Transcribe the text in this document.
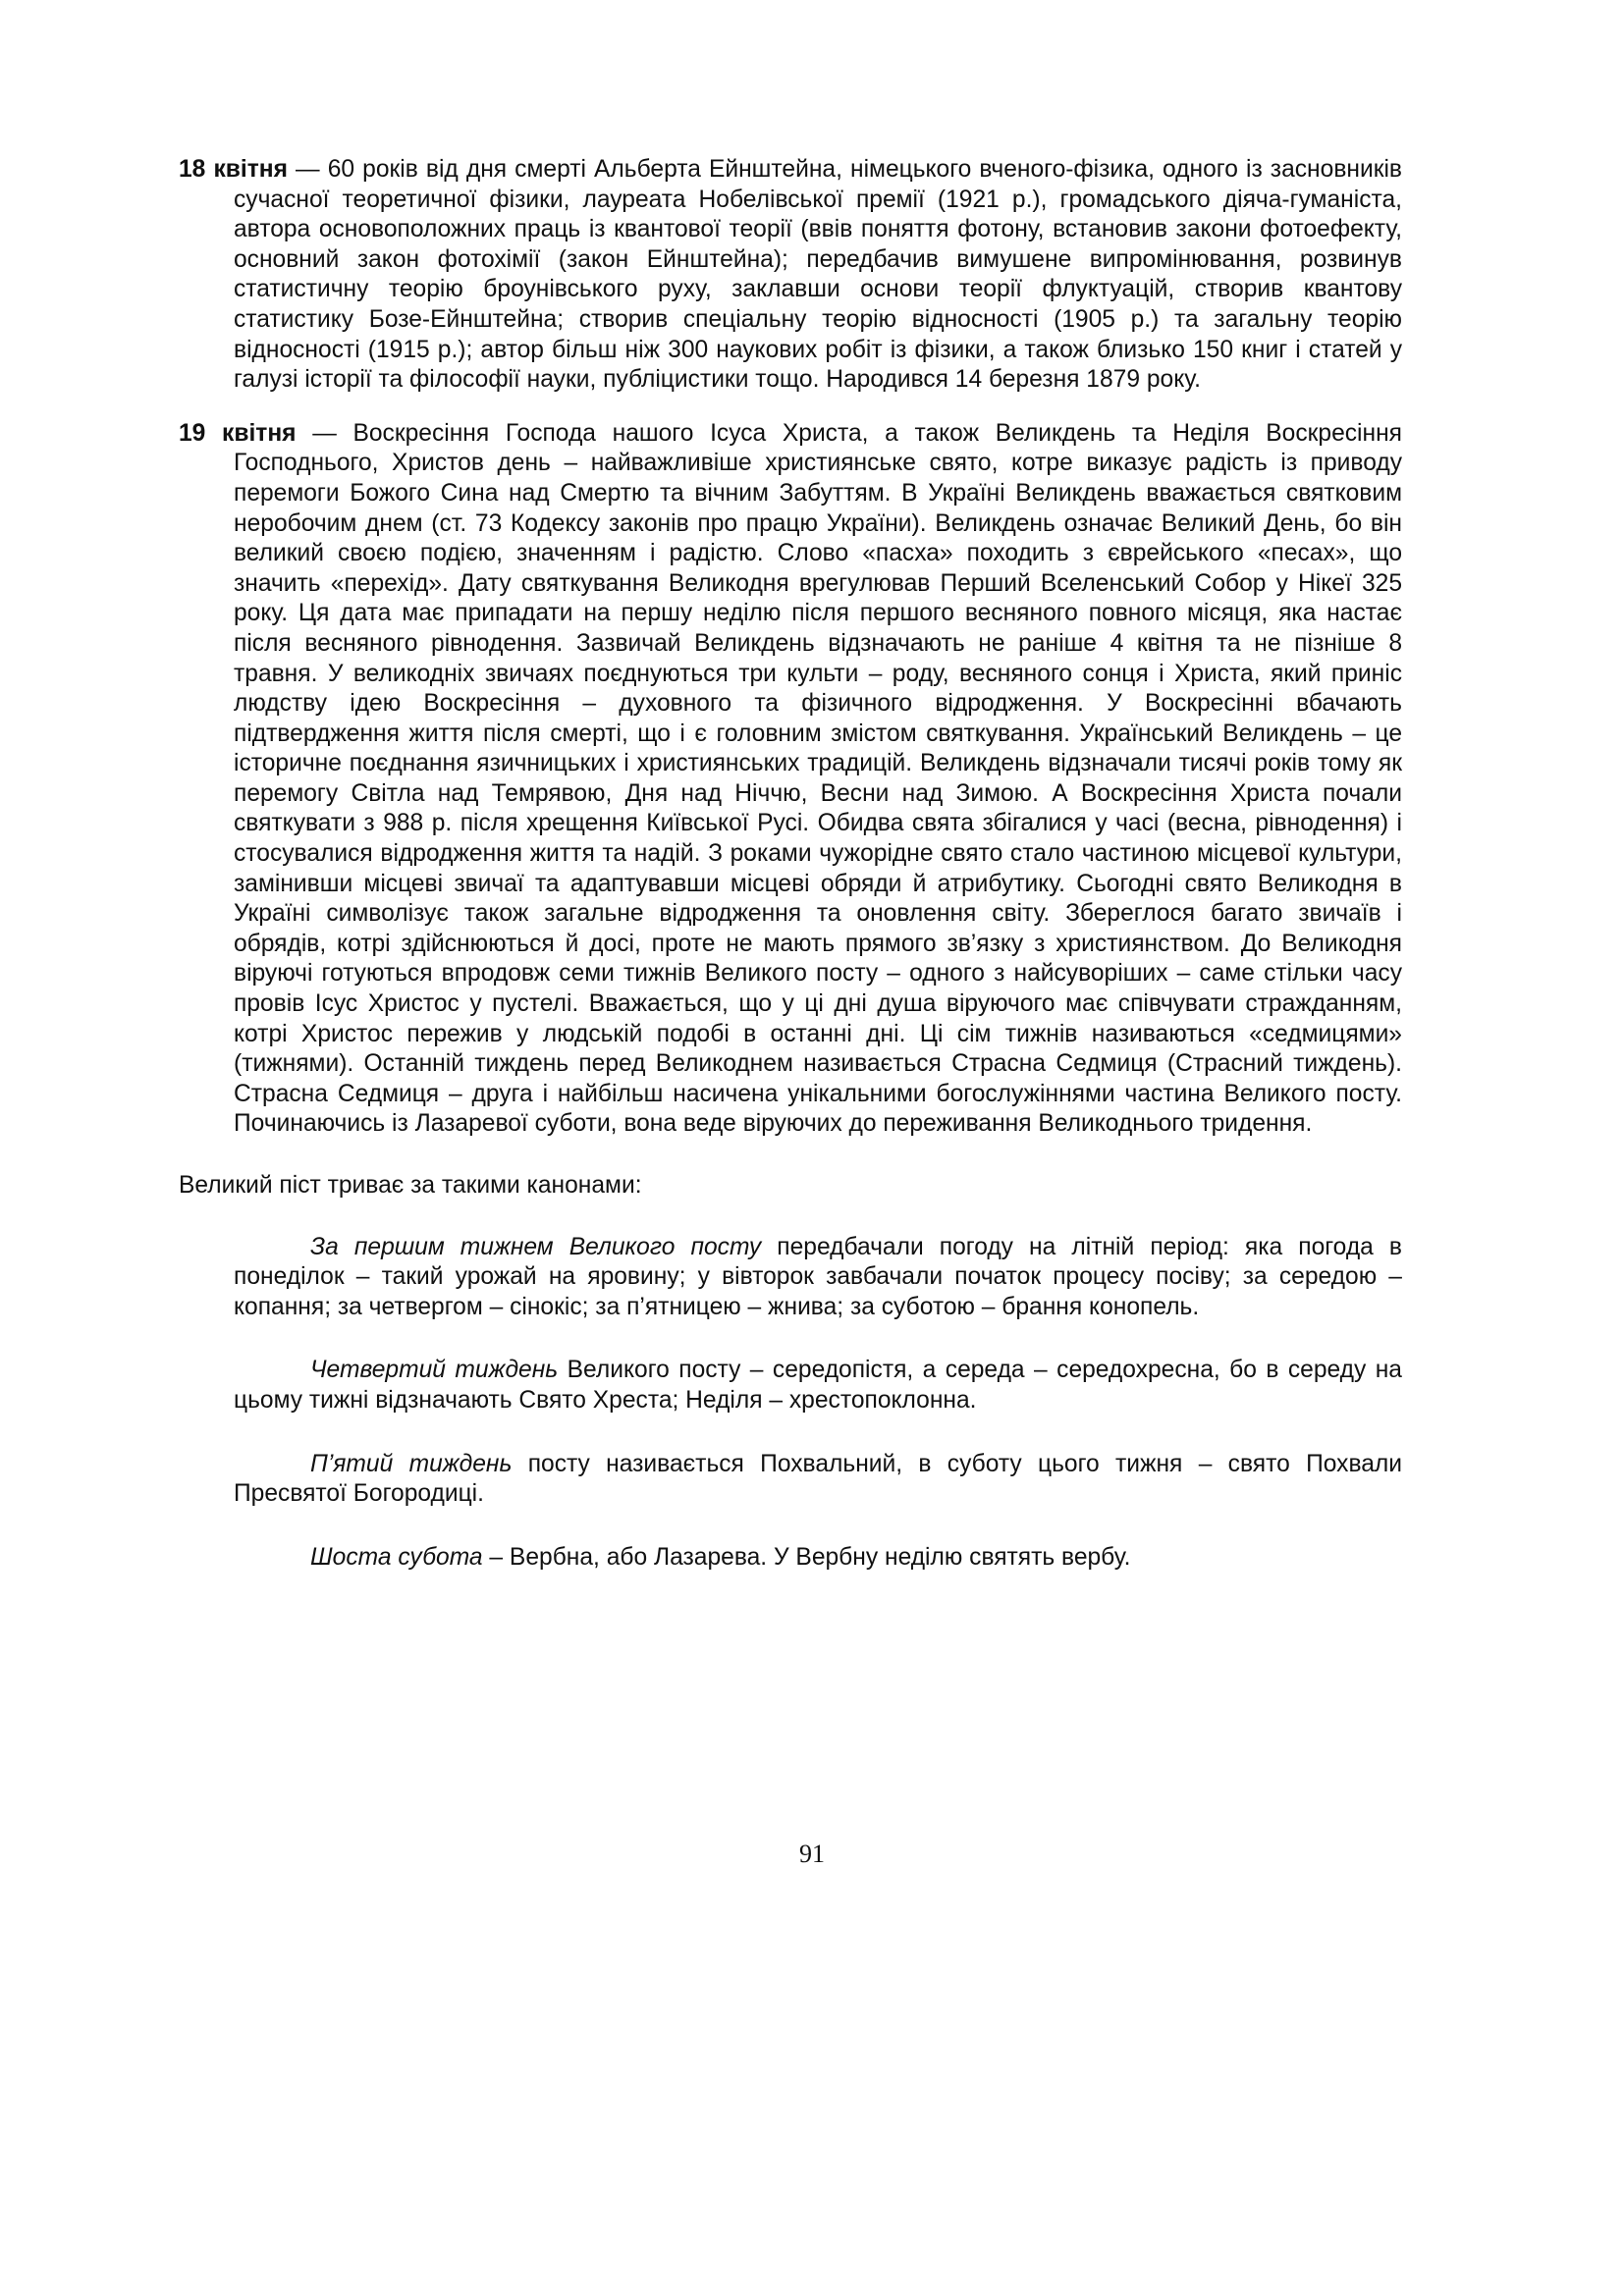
18 квітня — 60 років від дня смерті Альберта Ейнштейна, німецького вченого-фізика, одного із засновників сучасної теоретичної фізики, лауреата Нобелівської премії (1921 р.), громадського діяча-гуманіста, автора основоположних праць із квантової теорії (ввів поняття фотону, встановив закони фотоефекту, основний закон фотохімії (закон Ейнштейна); передбачив вимушене випромінювання, розвинув статистичну теорію броунівського руху, заклавши основи теорії флуктуацій, створив квантову статистику Бозе-Ейнштейна; створив спеціальну теорію відносності (1905 р.) та загальну теорію відносності (1915 р.); автор більш ніж 300 наукових робіт із фізики, а також близько 150 книг і статей у галузі історії та філософії науки, публіцистики тощо. Народився 14 березня 1879 року.

19 квітня — Воскресіння Господа нашого Ісуса Христа, а також Великдень та Неділя Воскресіння Господнього, Христов день – найважливіше християнське свято, котре виказує радість із приводу перемоги Божого Сина над Смертю та вічним Забуттям. В Україні Великдень вважається святковим неробочим днем (ст. 73 Кодексу законів про працю України). Великдень означає Великий День, бо він великий своєю подією, значенням і радістю. Слово «пасха» походить з єврейського «песах», що значить «перехід». Дату святкування Великодня врегулював Перший Вселенський Собор у Нікеї 325 року. Ця дата має припадати на першу неділю після першого весняного повного місяця, яка настає після весняного рівнодення. Зазвичай Великдень відзначають не раніше 4 квітня та не пізніше 8 травня. У великодніх звичаях поєднуються три культи – роду, весняного сонця і Христа, який приніс людству ідею Воскресіння – духовного та фізичного відродження. У Воскресінні вбачають підтвердження життя після смерті, що і є головним змістом святкування. Український Великдень – це історичне поєднання язичницьких і християнських традицій. Великдень відзначали тисячі років тому як перемогу Світла над Темрявою, Дня над Ніччю, Весни над Зимою. А Воскресіння Христа почали святкувати з 988 р. після хрещення Київської Русі. Обидва свята збігалися у часі (весна, рівнодення) і стосувалися відродження життя та надій. З роками чужорідне свято стало частиною місцевої культури, замінивши місцеві звичаї та адаптувавши місцеві обряди й атрибутику. Сьогодні свято Великодня в Україні символізує також загальне відродження та оновлення світу. Збереглося багато звичаїв і обрядів, котрі здійснюються й досі, проте не мають прямого зв’язку з християнством. До Великодня віруючі готуються впродовж семи тижнів Великого посту – одного з найсуворіших – саме стільки часу провів Ісус Христос у пустелі. Вважається, що у ці дні душа віруючого має співчувати стражданням, котрі Христос пережив у людській подобі в останні дні. Ці сім тижнів називаються «седмицями» (тижнями). Останній тиждень перед Великоднем називається Страсна Седмиця (Страсний тиждень). Страсна Седмиця – друга і найбільш насичена унікальними богослужіннями частина Великого посту. Починаючись із Лазаревої суботи, вона веде віруючих до переживання Великоднього тридення.

Великий піст триває за такими канонами:

За першим тижнем Великого посту передбачали погоду на літній період: яка погода в понеділок – такий урожай на яровину; у вівторок завбачали початок процесу посіву; за середою – копання; за четвергом – сінокіс; за п’ятницею – жнива; за суботою – брання конопель.

Четвертий тиждень Великого посту – середопістя, а середа – середохресна, бо в середу на цьому тижні відзначають Свято Хреста; Неділя – хрестопоклонна.

П’ятий тиждень посту називається Похвальний, в суботу цього тижня – свято Похвали Пресвятої Богородиці.

Шоста субота – Вербна, або Лазарева. У Вербну неділю святять вербу.

91
